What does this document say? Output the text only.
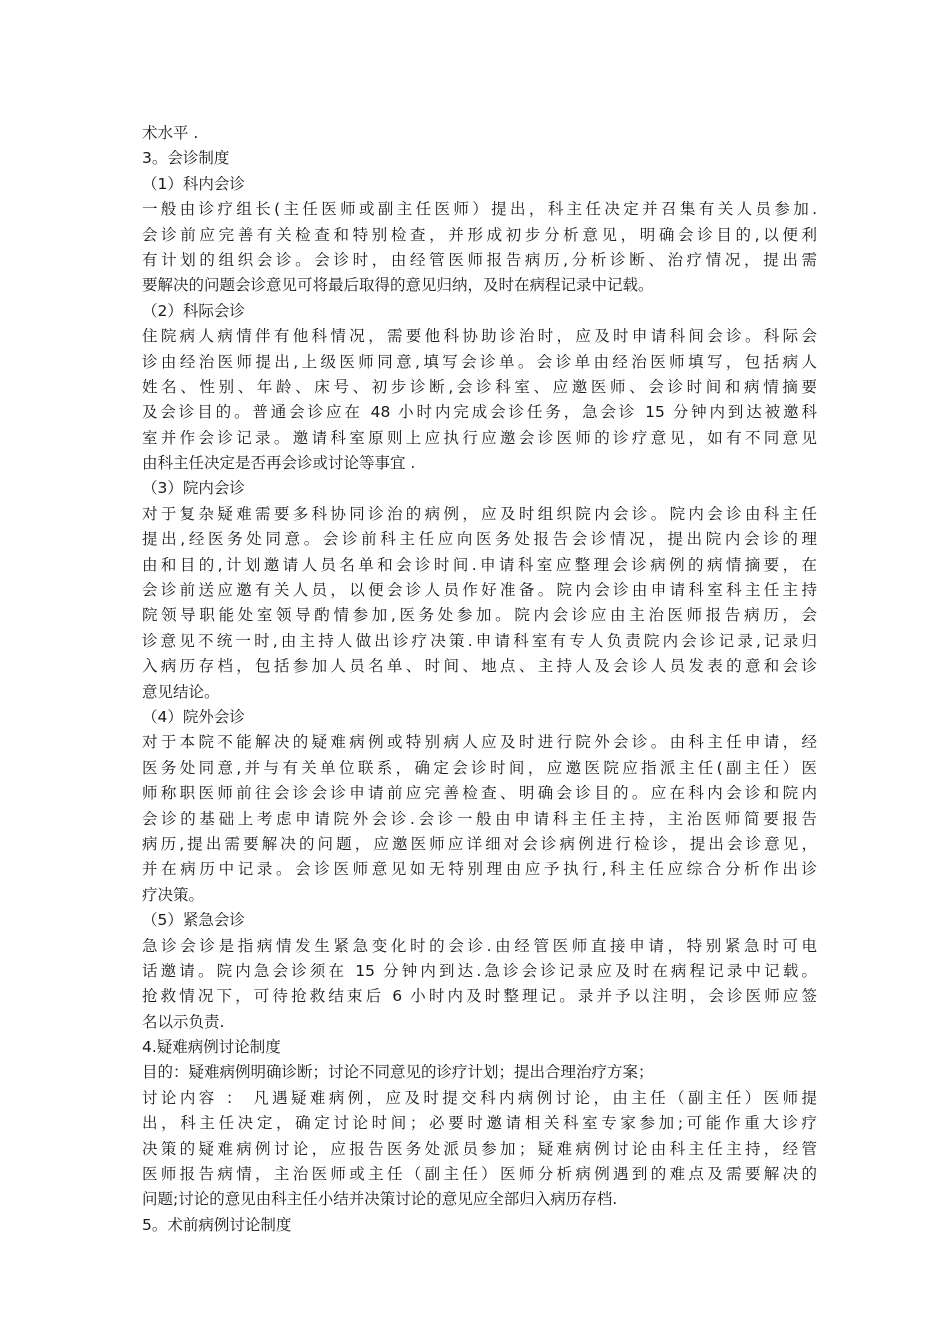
术水平 .
3。会诊制度
（1）科内会诊
一般由诊疗组长(主任医师或副主任医师）提出，科主任决定并召集有关人员参加.
会诊前应完善有关检查和特别检查，并形成初步分析意见，明确会诊目的,以便利
有计划的组织会诊。会诊时，由经管医师报告病历,分析诊断、治疗情况，提出需
要解决的问题会诊意见可将最后取得的意见归纳，及时在病程记录中记载。
（2）科际会诊
住院病人病情伴有他科情况，需要他科协助诊治时，应及时申请科间会诊。科际会
诊由经治医师提出,上级医师同意,填写会诊单。会诊单由经治医师填写，包括病人
姓名、性别、年龄、床号、初步诊断,会诊科室、应邀医师、会诊时间和病情摘要
及会诊目的。普通会诊应在 48 小时内完成会诊任务，急会诊 15 分钟内到达被邀科
室并作会诊记录。邀请科室原则上应执行应邀会诊医师的诊疗意见，如有不同意见
由科主任决定是否再会诊或讨论等事宜 .
（3）院内会诊
对于复杂疑难需要多科协同诊治的病例，应及时组织院内会诊。院内会诊由科主任
提出,经医务处同意。会诊前科主任应向医务处报告会诊情况，提出院内会诊的理
由和目的,计划邀请人员名单和会诊时间.申请科室应整理会诊病例的病情摘要，在
会诊前送应邀有关人员，以便会诊人员作好准备。院内会诊由申请科室科主任主持
院领导职能处室领导酌情参加,医务处参加。院内会诊应由主治医师报告病历，会
诊意见不统一时,由主持人做出诊疗决策.申请科室有专人负责院内会诊记录,记录归
入病历存档，包括参加人员名单、时间、地点、主持人及会诊人员发表的意和会诊
意见结论。
（4）院外会诊
对于本院不能解决的疑难病例或特别病人应及时进行院外会诊。由科主任申请，经
医务处同意,并与有关单位联系，确定会诊时间，应邀医院应指派主任(副主任）医
师称职医师前往会诊会诊申请前应完善检查、明确会诊目的。应在科内会诊和院内
会诊的基础上考虑申请院外会诊.会诊一般由申请科主任主持，主治医师简要报告
病历,提出需要解决的问题，应邀医师应详细对会诊病例进行检诊，提出会诊意见，
并在病历中记录。会诊医师意见如无特别理由应予执行,科主任应综合分析作出诊
疗决策。
（5）紧急会诊
急诊会诊是指病情发生紧急变化时的会诊.由经管医师直接申请，特别紧急时可电
话邀请。院内急会诊须在 15 分钟内到达.急诊会诊记录应及时在病程记录中记载。
抢救情况下，可待抢救结束后 6 小时内及时整理记。录并予以注明，会诊医师应签
名以示负责.
4.疑难病例讨论制度
目的：疑难病例明确诊断；讨论不同意见的诊疗计划；提出合理治疗方案；
讨论内容 ： 凡遇疑难病例，应及时提交科内病例讨论，由主任（副主任）医师提
出，科主任决定，确定讨论时间；必要时邀请相关科室专家参加;可能作重大诊疗
决策的疑难病例讨论，应报告医务处派员参加；疑难病例讨论由科主任主持，经管
医师报告病情，主治医师或主任（副主任）医师分析病例遇到的难点及需要解决的
问题;讨论的意见由科主任小结并决策讨论的意见应全部归入病历存档.
5。术前病例讨论制度
